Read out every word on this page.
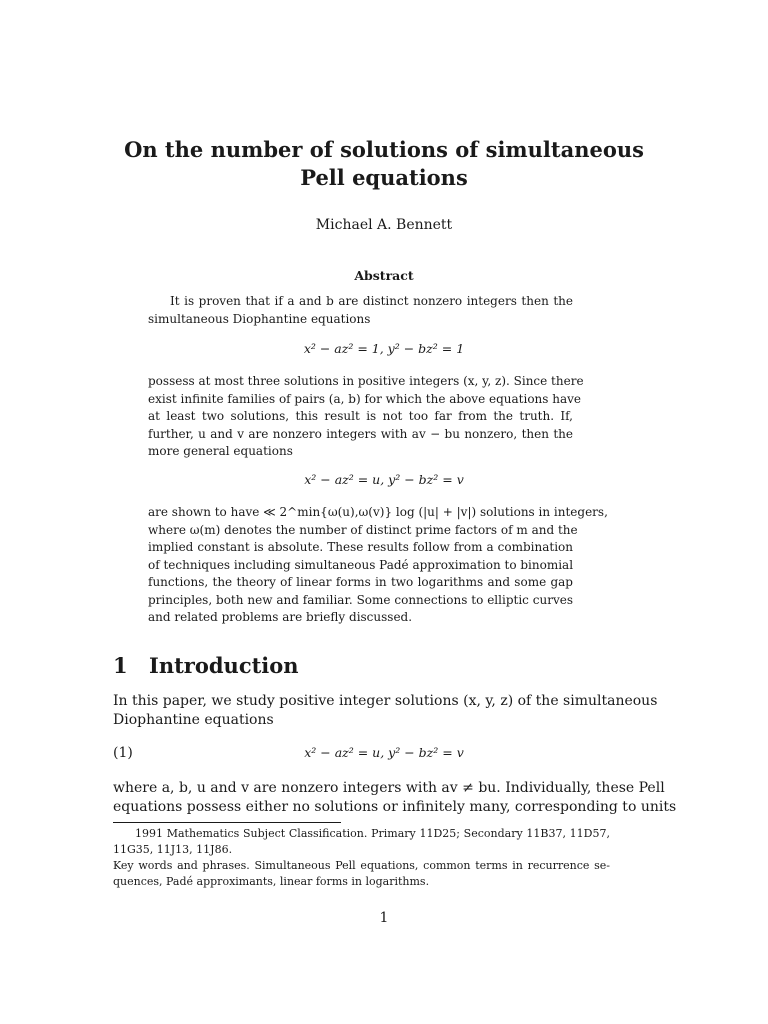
On the number of solutions of simultaneous
Pell equations
Michael A. Bennett
Abstract
It is proven that if a and b are distinct nonzero integers then the
simultaneous Diophantine equations
x² − az² = 1, y² − bz² = 1
possess at most three solutions in positive integers (x, y, z). Since there
exist infinite families of pairs (a, b) for which the above equations have
at least two solutions, this result is not too far from the truth. If,
further, u and v are nonzero integers with av − bu nonzero, then the
more general equations
x² − az² = u, y² − bz² = v
are shown to have ≪ 2^min{ω(u),ω(v)} log (|u| + |v|) solutions in integers,
where ω(m) denotes the number of distinct prime factors of m and the
implied constant is absolute. These results follow from a combination
of techniques including simultaneous Padé approximation to binomial
functions, the theory of linear forms in two logarithms and some gap
principles, both new and familiar. Some connections to elliptic curves
and related problems are briefly discussed.
1 Introduction
In this paper, we study positive integer solutions (x, y, z) of the simultaneous
Diophantine equations
(1)	x² − az² = u, y² − bz² = v
where a, b, u and v are nonzero integers with av ≠ bu. Individually, these Pell
equations possess either no solutions or infinitely many, corresponding to units
1991 Mathematics Subject Classification. Primary 11D25; Secondary 11B37, 11D57,
11G35, 11J13, 11J86.
Key words and phrases. Simultaneous Pell equations, common terms in recurrence se-
quences, Padé approximants, linear forms in logarithms.
1
